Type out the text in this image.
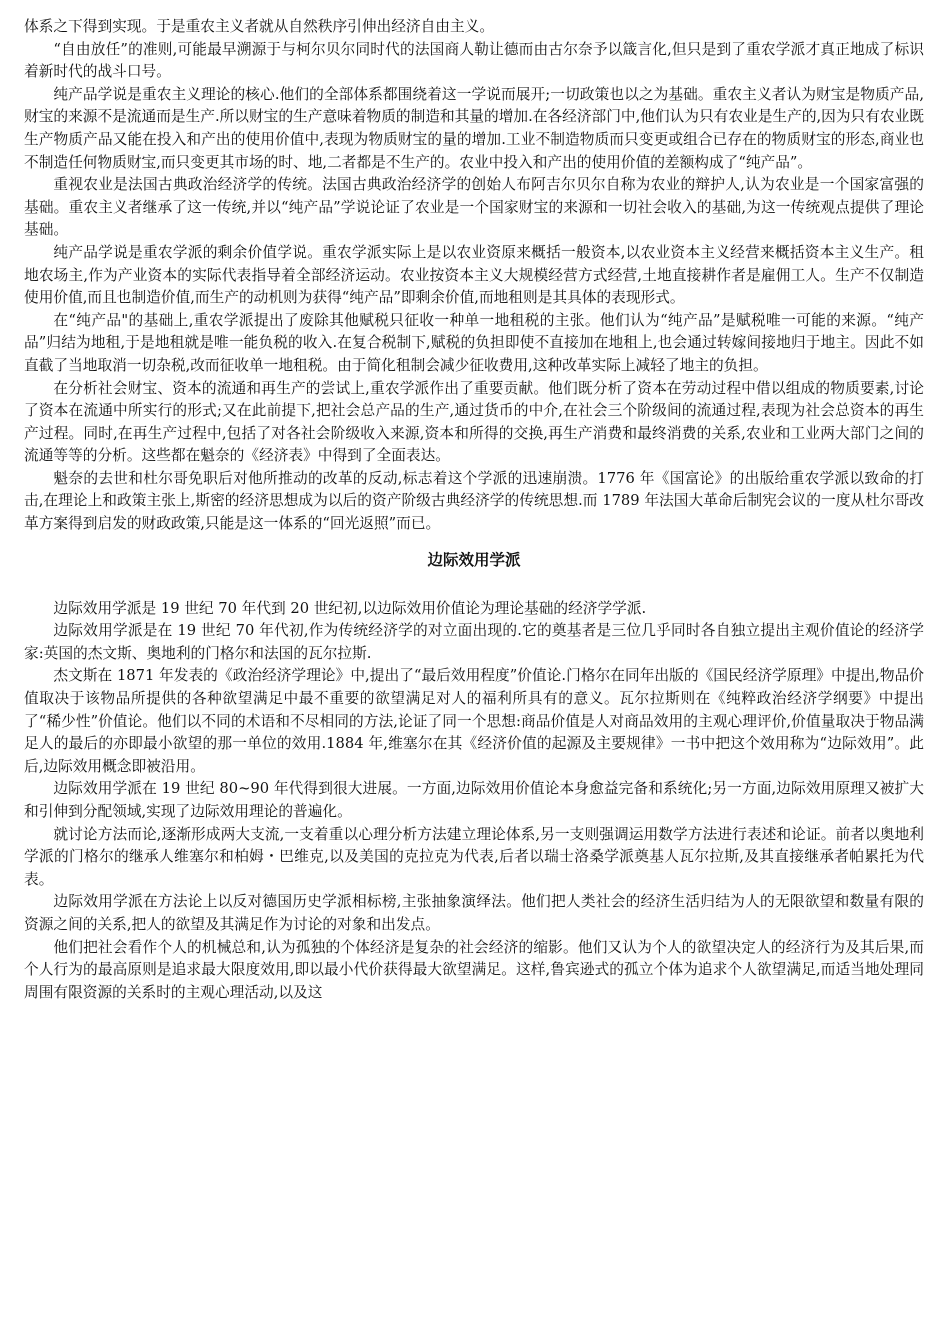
体系之下得到实现。于是重农主义者就从自然秩序引伸出经济自由主义。

“自由放任”的准则,可能最早溯源于与柯尔贝尔同时代的法国商人勒让德而由古尔奈予以箴言化,但只是到了重农学派才真正地成了标识着新时代的战斗口号。

纯产品学说是重农主义理论的核心.他们的全部体系都围绕着这一学说而展开;一切政策也以之为基础。重农主义者认为财宝是物质产品,财宝的来源不是流通而是生产.所以财宝的生产意味着物质的制造和其量的增加.在各经济部门中,他们认为只有农业是生产的,因为只有农业既生产物质产品又能在投入和产出的使用价值中,表现为物质财宝的量的增加.工业不制造物质而只变更或组合已存在的物质财宝的形态,商业也不制造任何物质财宝,而只变更其市场的时、地,二者都是不生产的。农业中投入和产出的使用价值的差额构成了“纯产品”。

重视农业是法国古典政治经济学的传统。法国古典政治经济学的创始人布阿吉尔贝尔自称为农业的辩护人,认为农业是一个国家富强的基础。重农主义者继承了这一传统,并以“纯产品”学说论证了农业是一个国家财宝的来源和一切社会收入的基础,为这一传统观点提供了理论基础。

纯产品学说是重农学派的剩余价值学说。重农学派实际上是以农业资原来概括一般资本,以农业资本主义经营来概括资本主义生产。租地农场主,作为产业资本的实际代表指导着全部经济运动。农业按资本主义大规模经营方式经营,土地直接耕作者是雇佣工人。生产不仅制造使用价值,而且也制造价值,而生产的动机则为获得“纯产品”即剩余价值,而地租则是其具体的表现形式。

在“纯产品"的基础上,重农学派提出了废除其他赋税只征收一种单一地租税的主张。他们认为“纯产品”是赋税唯一可能的来源。“纯产品”归结为地租,于是地租就是唯一能负税的收入.在复合税制下,赋税的负担即使不直接加在地租上,也会通过转嫁间接地归于地主。因此不如直截了当地取消一切杂税,改而征收单一地租税。由于简化租制会减少征收费用,这种改革实际上减轻了地主的负担。

在分析社会财宝、资本的流通和再生产的尝试上,重农学派作出了重要贡献。他们既分析了资本在劳动过程中借以组成的物质要素,讨论了资本在流通中所实行的形式;又在此前提下,把社会总产品的生产,通过货币的中介,在社会三个阶级间的流通过程,表现为社会总资本的再生产过程。同时,在再生产过程中,包括了对各社会阶级收入来源,资本和所得的交换,再生产消费和最终消费的关系,农业和工业两大部门之间的流通等等的分析。这些都在魁奈的《经济表》中得到了全面表达。

魁奈的去世和杜尔哥免职后对他所推动的改革的反动,标志着这个学派的迅速崩溃。1776 年《国富论》的出版给重农学派以致命的打击,在理论上和政策主张上,斯密的经济思想成为以后的资产阶级古典经济学的传统思想.而 1789 年法国大革命后制宪会议的一度从杜尔哥改革方案得到启发的财政政策,只能是这一体系的“回光返照”而已。

边际效用学派

边际效用学派是 19 世纪 70 年代到 20 世纪初,以边际效用价值论为理论基础的经济学学派.

边际效用学派是在 19 世纪 70 年代初,作为传统经济学的对立面出现的.它的奠基者是三位几乎同时各自独立提出主观价值论的经济学家:英国的杰文斯、奥地利的门格尔和法国的瓦尔拉斯.

杰文斯在 1871 年发表的《政治经济学理论》中,提出了“最后效用程度”价值论.门格尔在同年出版的《国民经济学原理》中提出,物品价值取决于该物品所提供的各种欲望满足中最不重要的欲望满足对人的福利所具有的意义。瓦尔拉斯则在《纯粹政治经济学纲要》中提出了“稀少性”价值论。他们以不同的术语和不尽相同的方法,论证了同一个思想:商品价值是人对商品效用的主观心理评价,价值量取决于物品满足人的最后的亦即最小欲望的那一单位的效用.1884 年,维塞尔在其《经济价值的起源及主要规律》一书中把这个效用称为“边际效用”。此后,边际效用概念即被沿用。

边际效用学派在 19 世纪 80~90 年代得到很大进展。一方面,边际效用价值论本身愈益完备和系统化;另一方面,边际效用原理又被扩大和引伸到分配领域,实现了边际效用理论的普遍化。

就讨论方法而论,逐渐形成两大支流,一支着重以心理分析方法建立理论体系,另一支则强调运用数学方法进行表述和论证。前者以奥地利学派的门格尔的继承人维塞尔和柏姆・巴维克,以及美国的克拉克为代表,后者以瑞士洛桑学派奠基人瓦尔拉斯,及其直接继承者帕累托为代表。

边际效用学派在方法论上以反对德国历史学派相标榜,主张抽象演绎法。他们把人类社会的经济生活归结为人的无限欲望和数量有限的资源之间的关系,把人的欲望及其满足作为讨论的对象和出发点。

他们把社会看作个人的机械总和,认为孤独的个体经济是复杂的社会经济的缩影。他们又认为个人的欲望决定人的经济行为及其后果,而个人行为的最高原则是追求最大限度效用,即以最小代价获得最大欲望满足。这样,鲁宾逊式的孤立个体为追求个人欲望满足,而适当地处理同周围有限资源的关系时的主观心理活动,以及这
